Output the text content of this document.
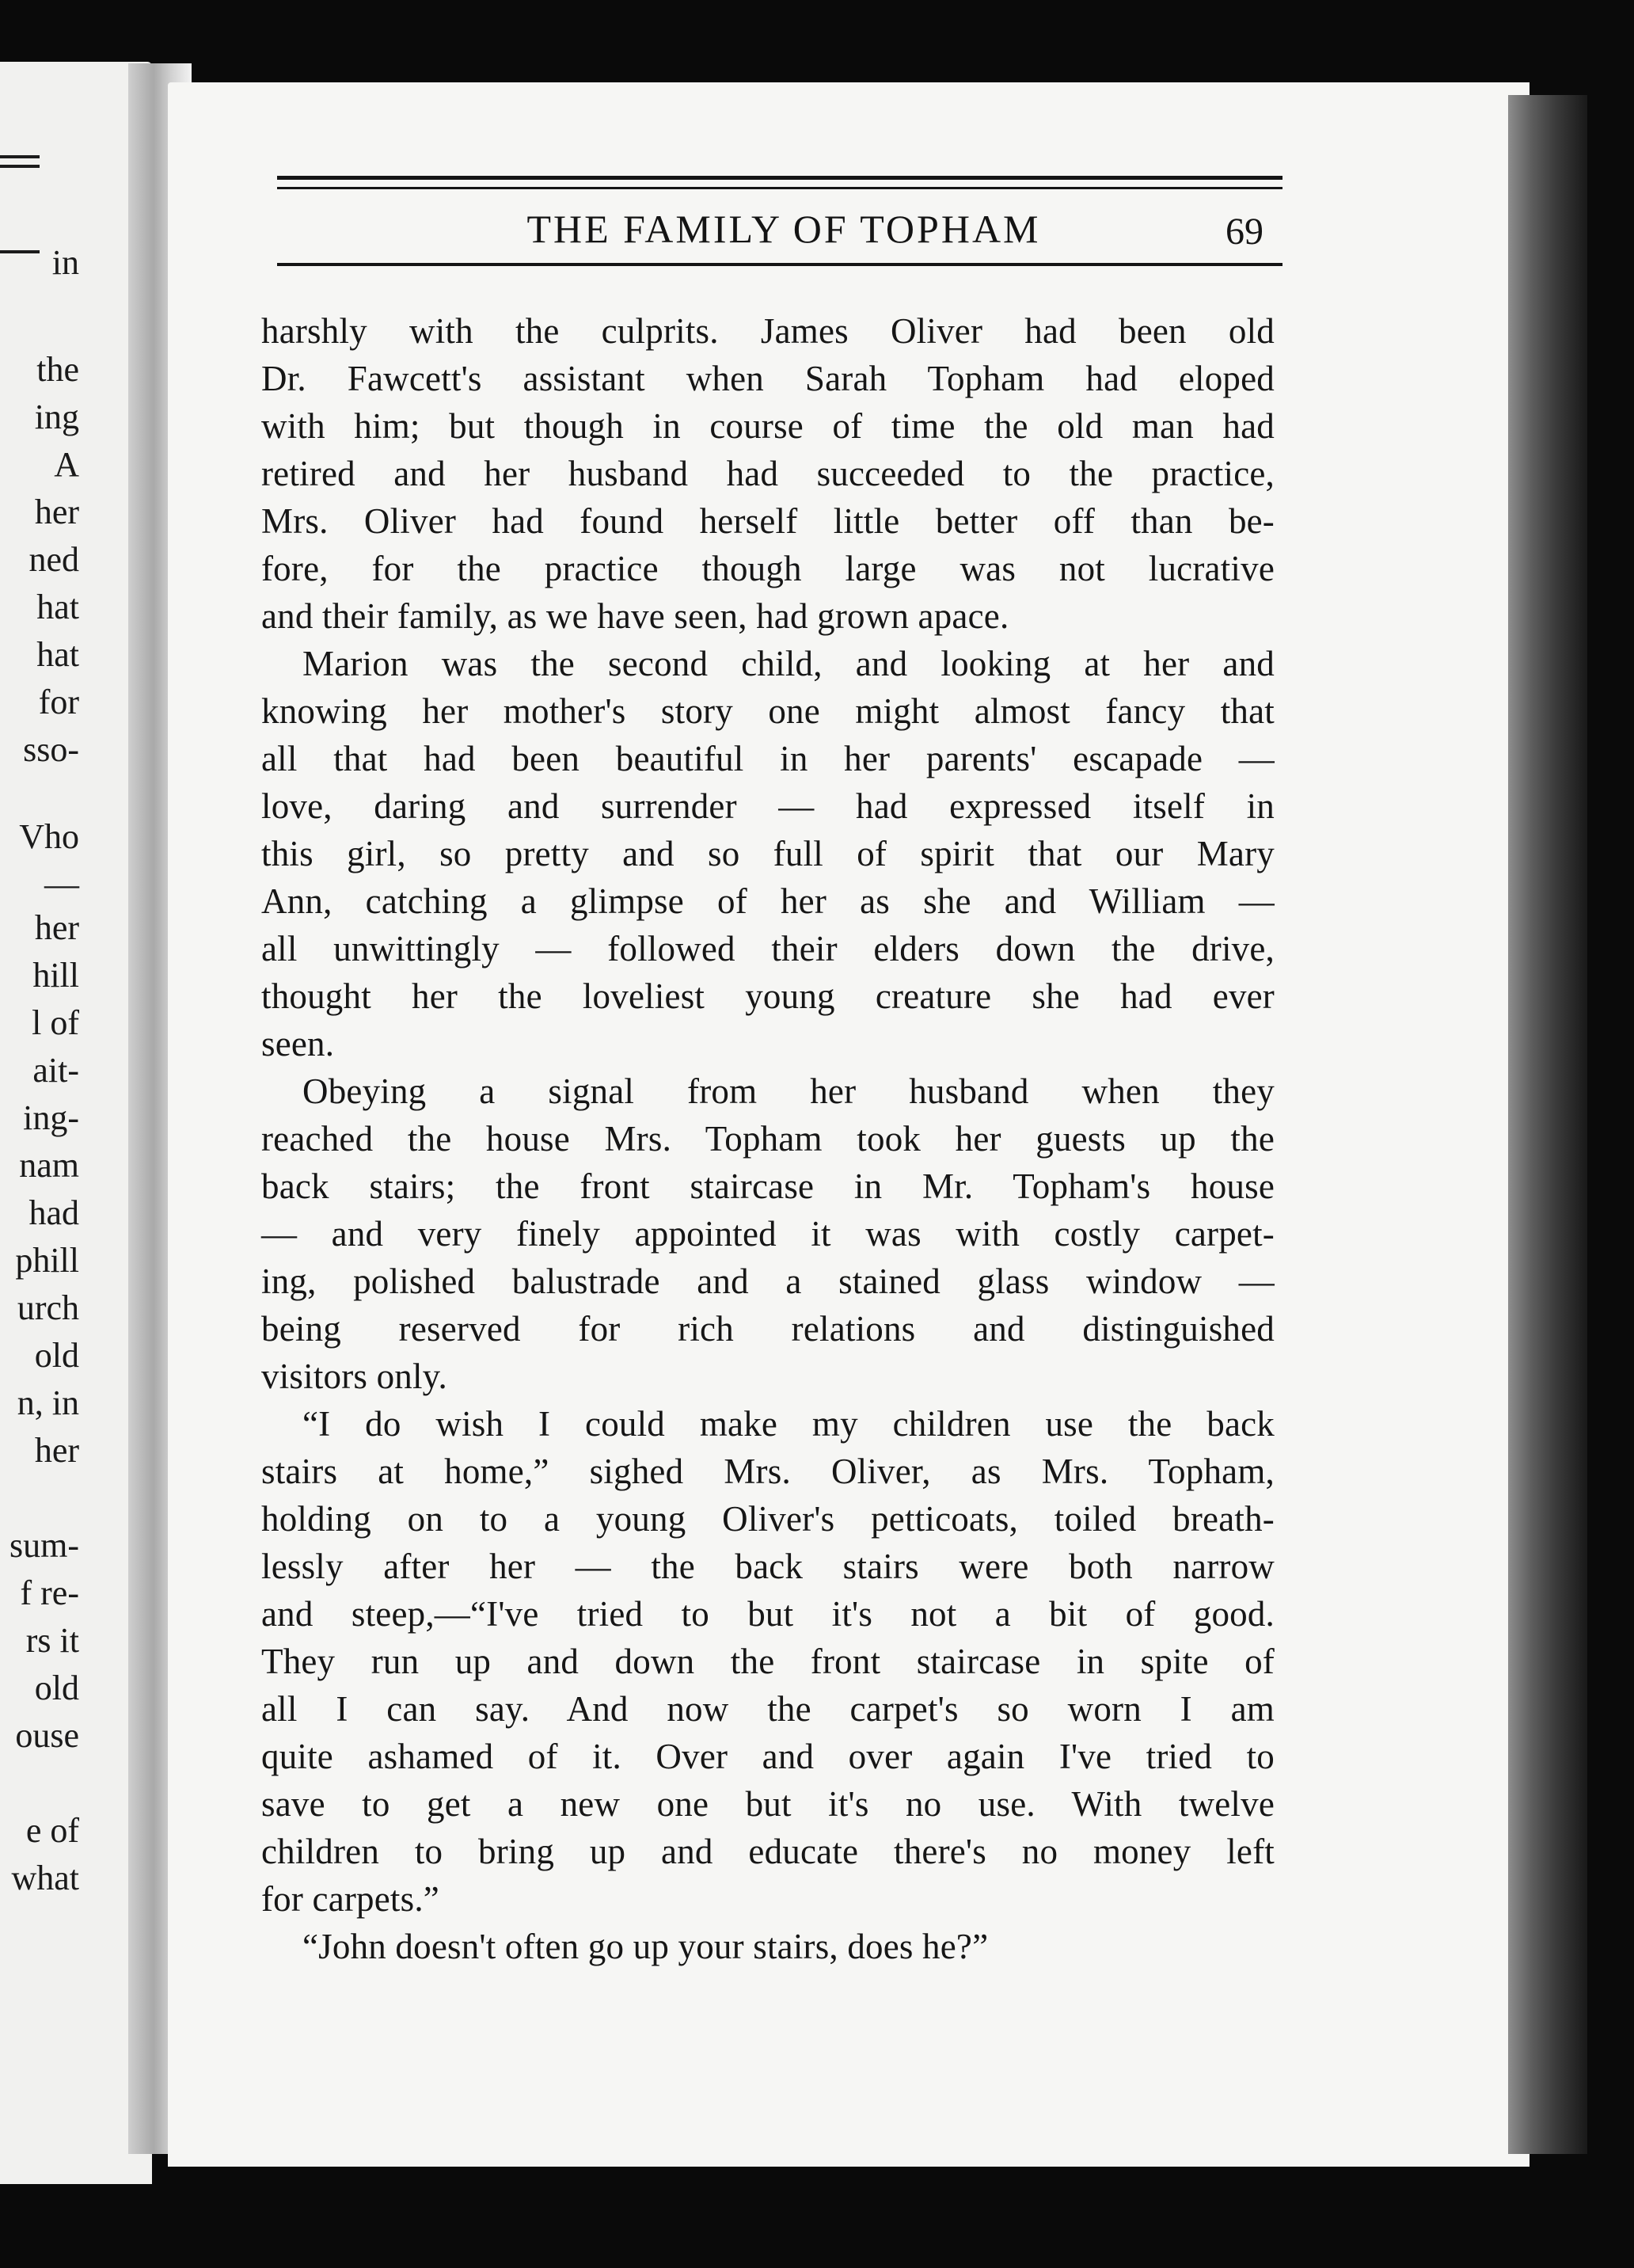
in
the
ing
A
her
ned
hat
hat
for
sso-
Vho
—
her
hill
l of
ait-
ing-
nam
had
phill
urch
old
n, in
her
sum-
f re-
rs it
old
ouse
e of
what
THE FAMILY OF TOPHAM	69
harshly with the culprits. James Oliver had been old
Dr. Fawcett's assistant when Sarah Topham had eloped
with him; but though in course of time the old man had
retired and her husband had succeeded to the practice,
Mrs. Oliver had found herself little better off than be-
fore, for the practice though large was not lucrative
and their family, as we have seen, had grown apace.
Marion was the second child, and looking at her and
knowing her mother's story one might almost fancy that
all that had been beautiful in her parents' escapade —
love, daring and surrender — had expressed itself in
this girl, so pretty and so full of spirit that our Mary
Ann, catching a glimpse of her as she and William —
all unwittingly — followed their elders down the drive,
thought her the loveliest young creature she had ever
seen.
Obeying a signal from her husband when they
reached the house Mrs. Topham took her guests up the
back stairs; the front staircase in Mr. Topham's house
— and very finely appointed it was with costly carpet-
ing, polished balustrade and a stained glass window —
being reserved for rich relations and distinguished
visitors only.
“I do wish I could make my children use the back
stairs at home,” sighed Mrs. Oliver, as Mrs. Topham,
holding on to a young Oliver's petticoats, toiled breath-
lessly after her — the back stairs were both narrow
and steep,—“I've tried to but it's not a bit of good.
They run up and down the front staircase in spite of
all I can say. And now the carpet's so worn I am
quite ashamed of it. Over and over again I've tried to
save to get a new one but it's no use. With twelve
children to bring up and educate there's no money left
for carpets.”
“John doesn't often go up your stairs, does he?”
